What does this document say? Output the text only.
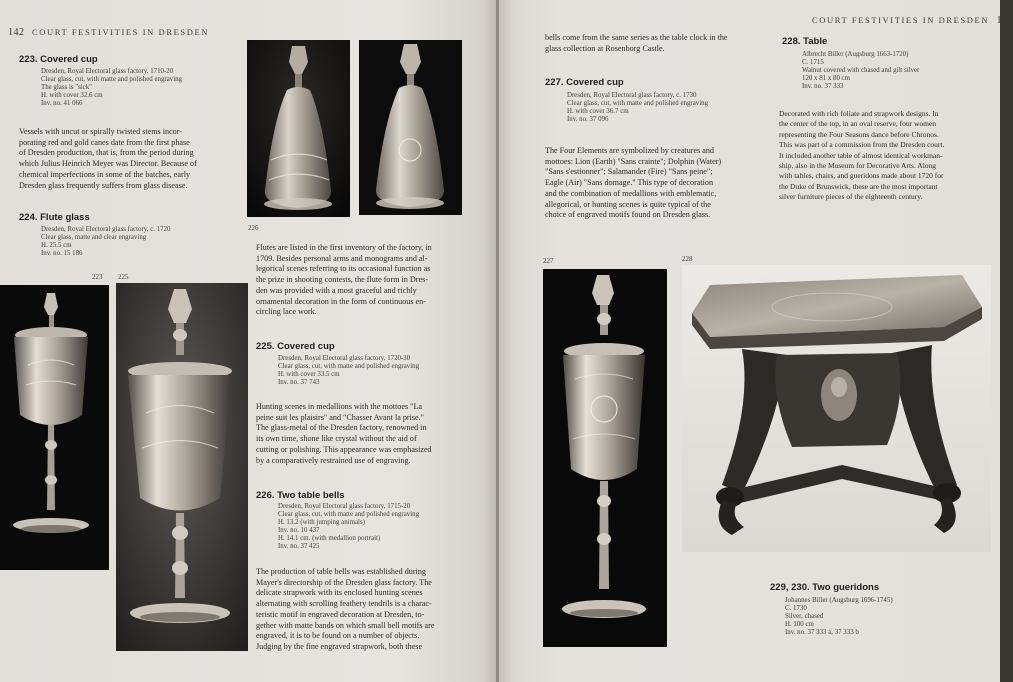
142 COURT FESTIVITIES IN DRESDEN
223. Covered cup
Dresden, Royal Electoral glass factory, 1710-20
Clear glass, cut, with matte and polished engraving
The glass is "sick"
H. with cover 32.6 cm
Inv. no. 41 066
Vessels with uncut or spirally twisted stems incor-
porating red and gold canes date from the first phase
of Dresden production, that is, from the period during
which Julius Heinrich Meyer was Director. Because of
chemical imperfections in some of the batches, early
Dresden glass frequently suffers from glass disease.
224. Flute glass
Dresden, Royal Electoral glass factory, c. 1720
Clear glass, matte and clear engraving
H. 25.5 cm
Inv. no. 15 186
226
Flutes are listed in the first inventory of the factory, in
1709. Besides personal arms and monograms and al-
legorical scenes referring to its occasional function as
the prize in shooting contests, the flute form in Dres-
den was provided with a most graceful and richly
ornamental decoration in the form of continuous en-
circling lace work.
225. Covered cup
Dresden, Royal Electoral glass factory, 1720-30
Clear glass, cut, with matte and polished engraving
H. with cover 33.5 cm
Inv. no. 37 743
Hunting scenes in medallions with the mottoes "La
peine suit les plaisirs" and "Chasser Avant la prise."
The glass-metal of the Dresden factory, renowned in
its own time, shone like crystal without the aid of
cutting or polishing. This appearance was emphasized
by a comparatively restrained use of engraving.
226. Two table bells
Dresden, Royal Electoral glass factory, 1715-20
Clear glass, cut, with matte and polished engraving
H. 13.2 (with jumping animals)
Inv. no. 10 437
H. 14.1 cm. (with medallion portrait)
Inv. no. 37 425
The production of table bells was established during
Mayer's directorship of the Dresden glass factory. The
delicate strapwork with its enclosed hunting scenes
alternating with scrolling feathery tendrils is a charac-
teristic motif in engraved decoration at Dresden, to-
gether with matte bands on which small bell motifs are
engraved, it is to be found on a number of objects.
Judging by the fine engraved strapwork, both these
223 225
COURT FESTIVITIES IN DRESDEN 143
bells come from the same series as the table clock in the
glass collection at Rosenborg Castle.
227. Covered cup
Dresden, Royal Electoral glass factory, c. 1730
Clear glass, cut, with matte and polished engraving
H. with cover 36.7 cm
Inv. no. 37 096
The Four Elements are symbolized by creatures and
mottoes: Lion (Earth) "Sans crainte"; Dolphin (Water)
"Sans s'estionner"; Salamander (Fire) "Sans peine";
Eagle (Air) "Sans domage." This type of decoration
and the combination of medallions with emblematic,
allegorical, or hunting scenes is quite typical of the
choice of engraved motifs found on Dresden glass.
228. Table
Albrecht Biller (Augsburg 1663-1720)
C. 1715
Walnut covered with chased and gilt silver
120 x 81 x 80 cm
Inv. no. 37 333
Decorated with rich foliate and strapwork designs. In
the center of the top, in an oval reserve, four women
representing the Four Seasons dance before Chronos.
This was part of a commission from the Dresden court.
It included another table of almost identical workman-
ship, also in the Museum for Decorative Arts. Along
with tables, chairs, and gueridons made about 1720 for
the Duke of Brunswick, these are the most important
silver furniture pieces of the eighteenth century.
227	228
229, 230. Two gueridons
Johannes Biller (Augsburg 1696-1745)
C. 1730
Silver, chased
H. 100 cm
Inv. no. 37 333 a, 37 333 b
